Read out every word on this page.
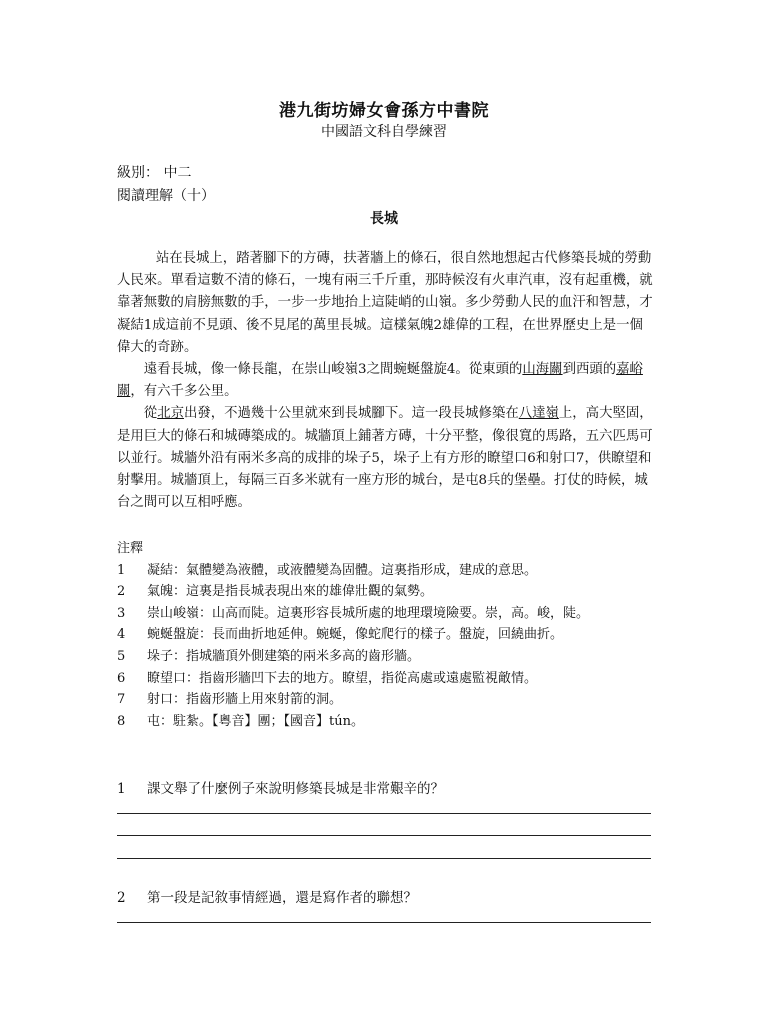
港九街坊婦女會孫方中書院
中國語文科自學練習
級別： 中二
閱讀理解（十）
長城

站在長城上，踏著腳下的方磚，扶著牆上的條石，很自然地想起古代修築長城的勞動人民來。單看這數不清的條石，一塊有兩三千斤重，那時候沒有火車汽車，沒有起重機，就靠著無數的肩膀無數的手，一步一步地抬上這陡峭的山嶺。多少勞動人民的血汗和智慧，才凝結1成這前不見頭、後不見尾的萬里長城。這樣氣魄2雄偉的工程，在世界歷史上是一個偉大的奇跡。

遠看長城，像一條長龍，在崇山峻嶺3之間蜿蜒盤旋4。從東頭的山海關到西頭的嘉峪關，有六千多公里。

從北京出發，不過幾十公里就來到長城腳下。這一段長城修築在八達嶺上，高大堅固，是用巨大的條石和城磚築成的。城牆頂上鋪著方磚，十分平整，像很寬的馬路，五六匹馬可以並行。城牆外沿有兩米多高的成排的垛子5，垛子上有方形的瞭望口6和射口7，供瞭望和射擊用。城牆頂上，每隔三百多米就有一座方形的城台，是屯8兵的堡壘。打仗的時候，城台之間可以互相呼應。

注釋
1	凝結：氣體變為液體，或液體變為固體。這裏指形成，建成的意思。
2	氣魄：這裏是指長城表現出來的雄偉壯觀的氣勢。
3	崇山峻嶺：山高而陡。這裏形容長城所處的地理環境險要。崇，高。峻，陡。
4	蜿蜒盤旋：長而曲折地延伸。蜿蜒，像蛇爬行的樣子。盤旋，回繞曲折。
5	垛子：指城牆頂外側建築的兩米多高的齒形牆。
6	瞭望口：指齒形牆凹下去的地方。瞭望，指從高處或遠處監視敵情。
7	射口：指齒形牆上用來射箭的洞。
8	屯：駐紮。【粵音】團；【國音】tún。
1 課文舉了什麼例子來說明修築長城是非常艱辛的？
2 第一段是記敘事情經過，還是寫作者的聯想？
